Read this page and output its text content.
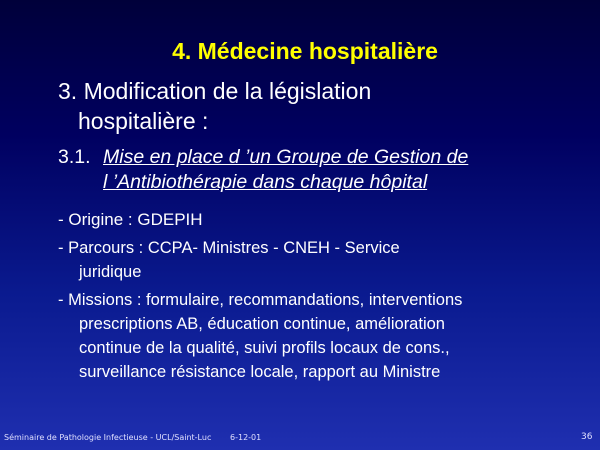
4. Médecine hospitalière
3. Modification de la législation
hospitalière :
3.1. Mise en place d ’un Groupe de Gestion de
l ’Antibiothérapie dans chaque hôpital
- Origine : GDEPIH
- Parcours : CCPA- Ministres - CNEH - Service
juridique
- Missions : formulaire, recommandations, interventions
prescriptions AB, éducation continue, amélioration
continue de la qualité, suivi profils locaux de cons.,
surveillance résistance locale, rapport au Ministre
Séminaire de Pathologie Infectieuse - UCL/Saint-Luc 6-12-01	36
